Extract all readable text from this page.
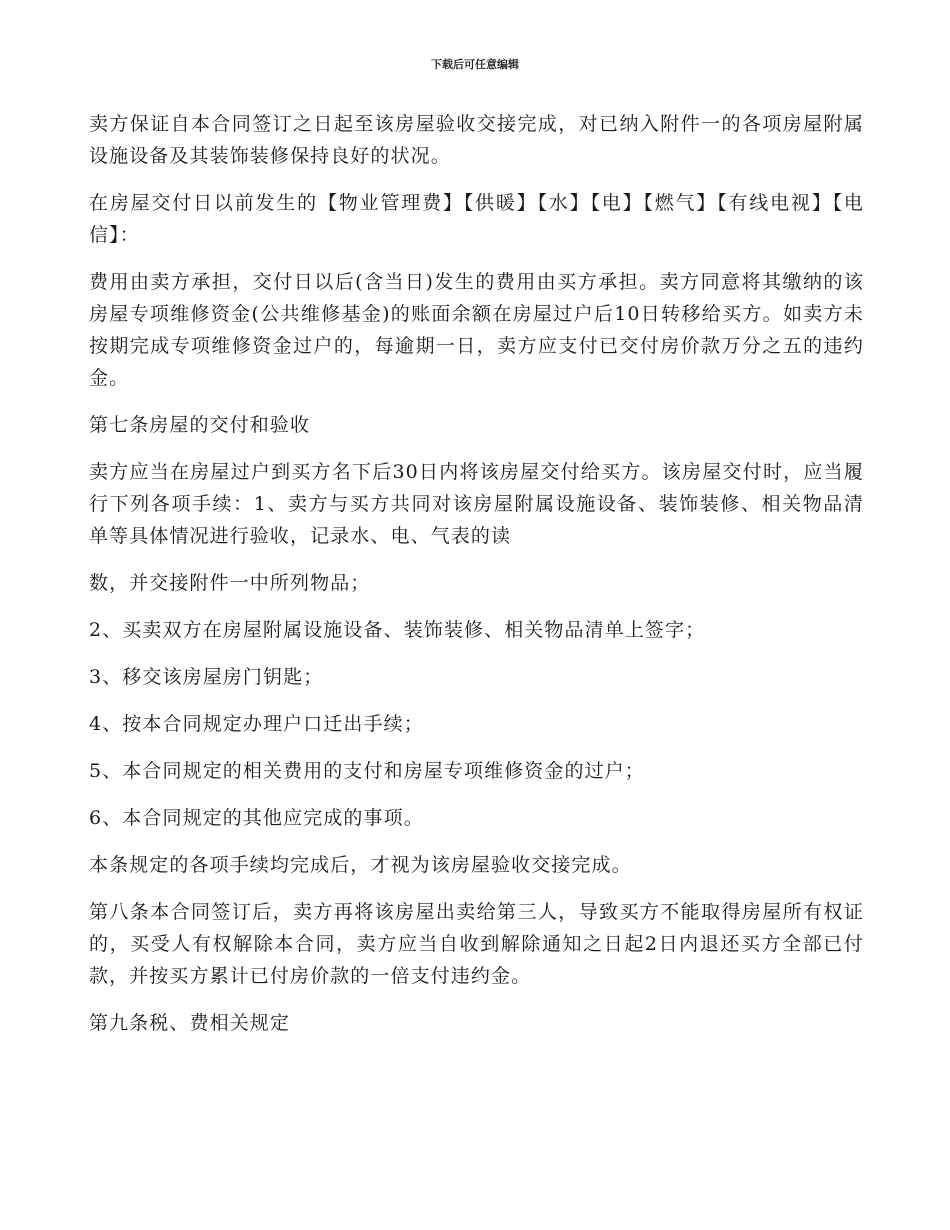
下载后可任意编辑

卖方保证自本合同签订之日起至该房屋验收交接完成，对已纳入附件一的各项房屋附属设施设备及其装饰装修保持良好的状况。

在房屋交付日以前发生的【物业管理费】【供暖】【水】【电】【燃气】【有线电视】【电信】：

费用由卖方承担，交付日以后(含当日)发生的费用由买方承担。卖方同意将其缴纳的该房屋专项维修资金(公共维修基金)的账面余额在房屋过户后10日转移给买方。如卖方未按期完成专项维修资金过户的，每逾期一日，卖方应支付已交付房价款万分之五的违约金。

第七条房屋的交付和验收

卖方应当在房屋过户到买方名下后30日内将该房屋交付给买方。该房屋交付时，应当履行下列各项手续：1、卖方与买方共同对该房屋附属设施设备、装饰装修、相关物品清单等具体情况进行验收，记录水、电、气表的读

数，并交接附件一中所列物品；

2、买卖双方在房屋附属设施设备、装饰装修、相关物品清单上签字；

3、移交该房屋房门钥匙；

4、按本合同规定办理户口迁出手续；

5、本合同规定的相关费用的支付和房屋专项维修资金的过户；

6、本合同规定的其他应完成的事项。

本条规定的各项手续均完成后，才视为该房屋验收交接完成。

第八条本合同签订后，卖方再将该房屋出卖给第三人，导致买方不能取得房屋所有权证的，买受人有权解除本合同，卖方应当自收到解除通知之日起2日内退还买方全部已付款，并按买方累计已付房价款的一倍支付违约金。

第九条税、费相关规定
